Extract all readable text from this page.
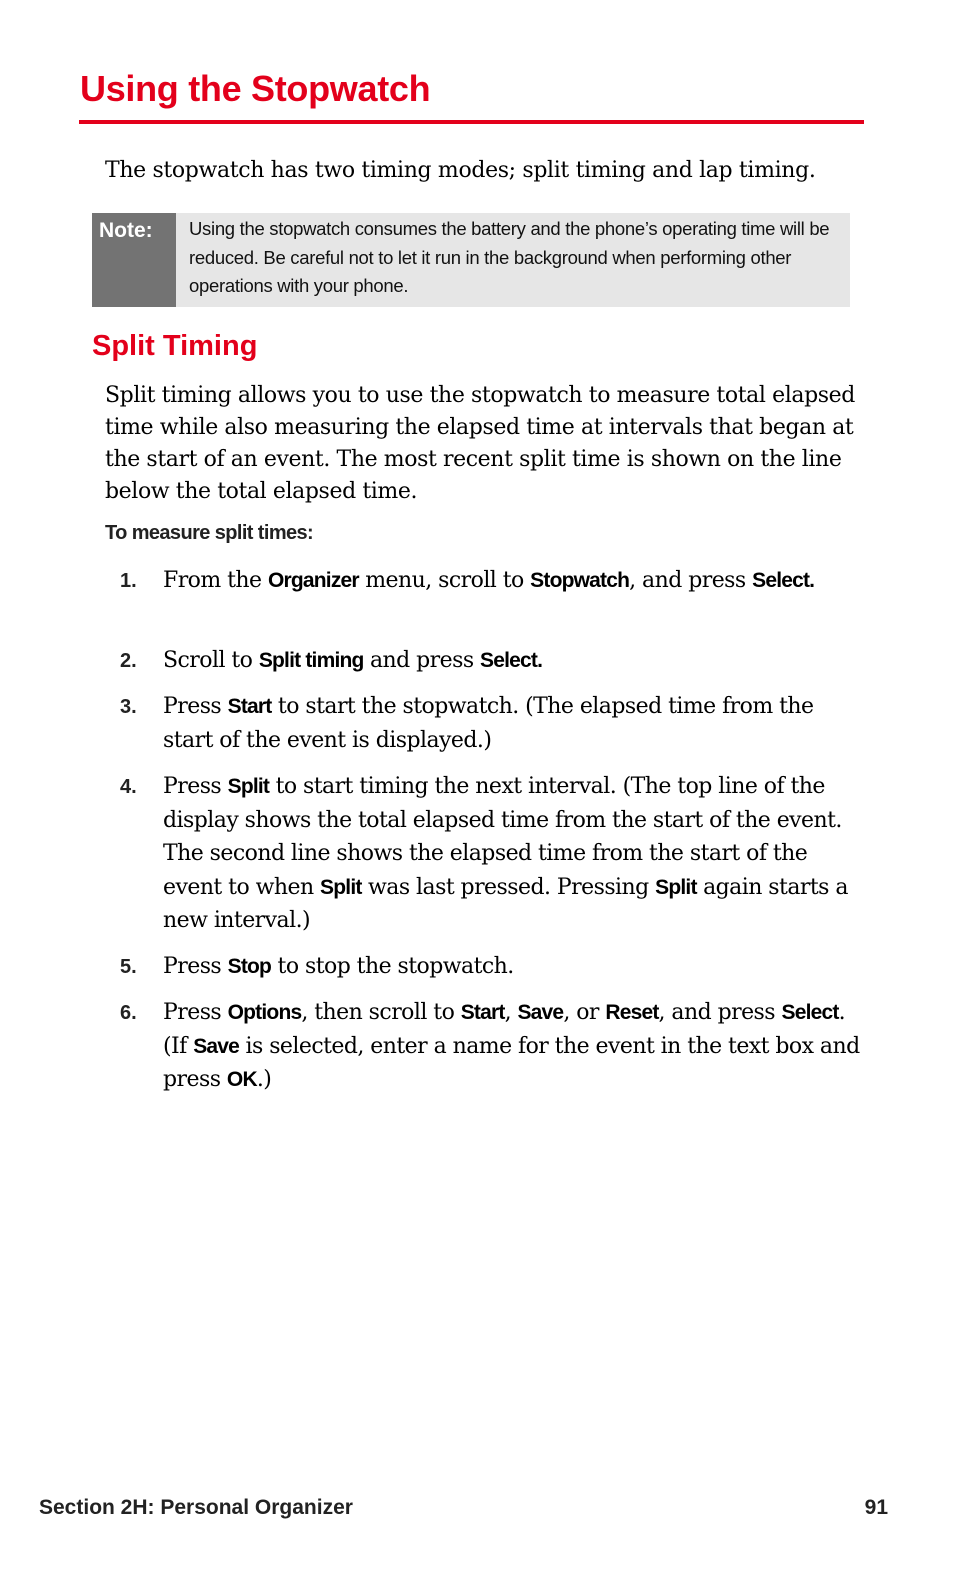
Using the Stopwatch

The stopwatch has two timing modes; split timing and lap timing.

Note:	Using the stopwatch consumes the battery and the phone’s operating time will be reduced. Be careful not to let it run in the background when performing other operations with your phone.

Split Timing

Split timing allows you to use the stopwatch to measure total elapsed time while also measuring the elapsed time at intervals that began at the start of an event. The most recent split time is shown on the line below the total elapsed time.

To measure split times:
1. From the Organizer menu, scroll to Stopwatch, and press Select.
2. Scroll to Split timing and press Select.
3. Press Start to start the stopwatch. (The elapsed time from the start of the event is displayed.)
4. Press Split to start timing the next interval. (The top line of the display shows the total elapsed time from the start of the event. The second line shows the elapsed time from the start of the event to when Split was last pressed. Pressing Split again starts a new interval.)
5. Press Stop to stop the stopwatch.
6. Press Options, then scroll to Start, Save, or Reset, and press Select. (If Save is selected, enter a name for the event in the text box and press OK.)

Section 2H: Personal Organizer	91
